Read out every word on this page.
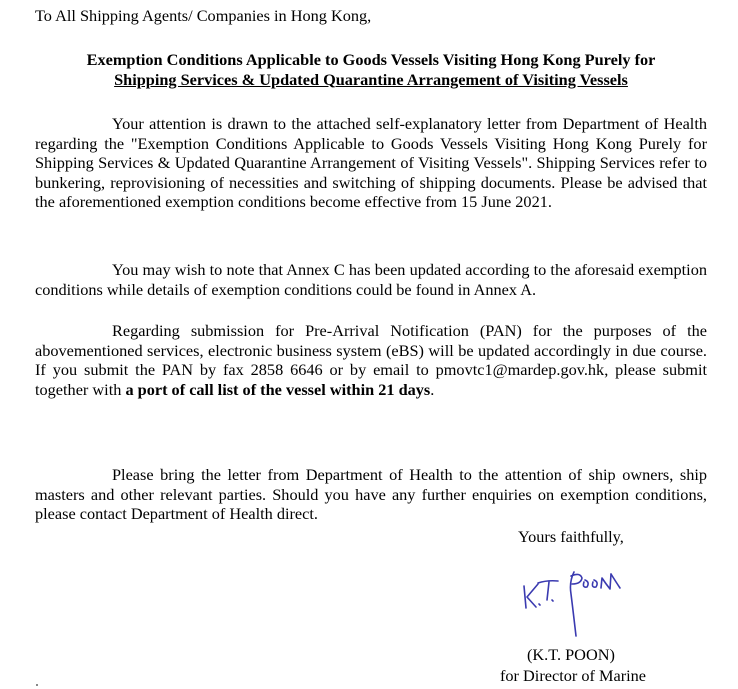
To All Shipping Agents/ Companies in Hong Kong,

Exemption Conditions Applicable to Goods Vessels Visiting Hong Kong Purely for
Shipping Services & Updated Quarantine Arrangement of Visiting Vessels

Your attention is drawn to the attached self-explanatory letter from Department of Health regarding the "Exemption Conditions Applicable to Goods Vessels Visiting Hong Kong Purely for Shipping Services & Updated Quarantine Arrangement of Visiting Vessels". Shipping Services refer to bunkering, reprovisioning of necessities and switching of shipping documents. Please be advised that the aforementioned exemption conditions become effective from 15 June 2021.

You may wish to note that Annex C has been updated according to the aforesaid exemption conditions while details of exemption conditions could be found in Annex A.

Regarding submission for Pre-Arrival Notification (PAN) for the purposes of the abovementioned services, electronic business system (eBS) will be updated accordingly in due course. If you submit the PAN by fax 2858 6646 or by email to pmovtc1@mardep.gov.hk, please submit together with a port of call list of the vessel within 21 days.

Please bring the letter from Department of Health to the attention of ship owners, ship masters and other relevant parties. Should you have any further enquiries on exemption conditions, please contact Department of Health direct.

Yours faithfully,

(K.T. POON)

for Director of Marine
